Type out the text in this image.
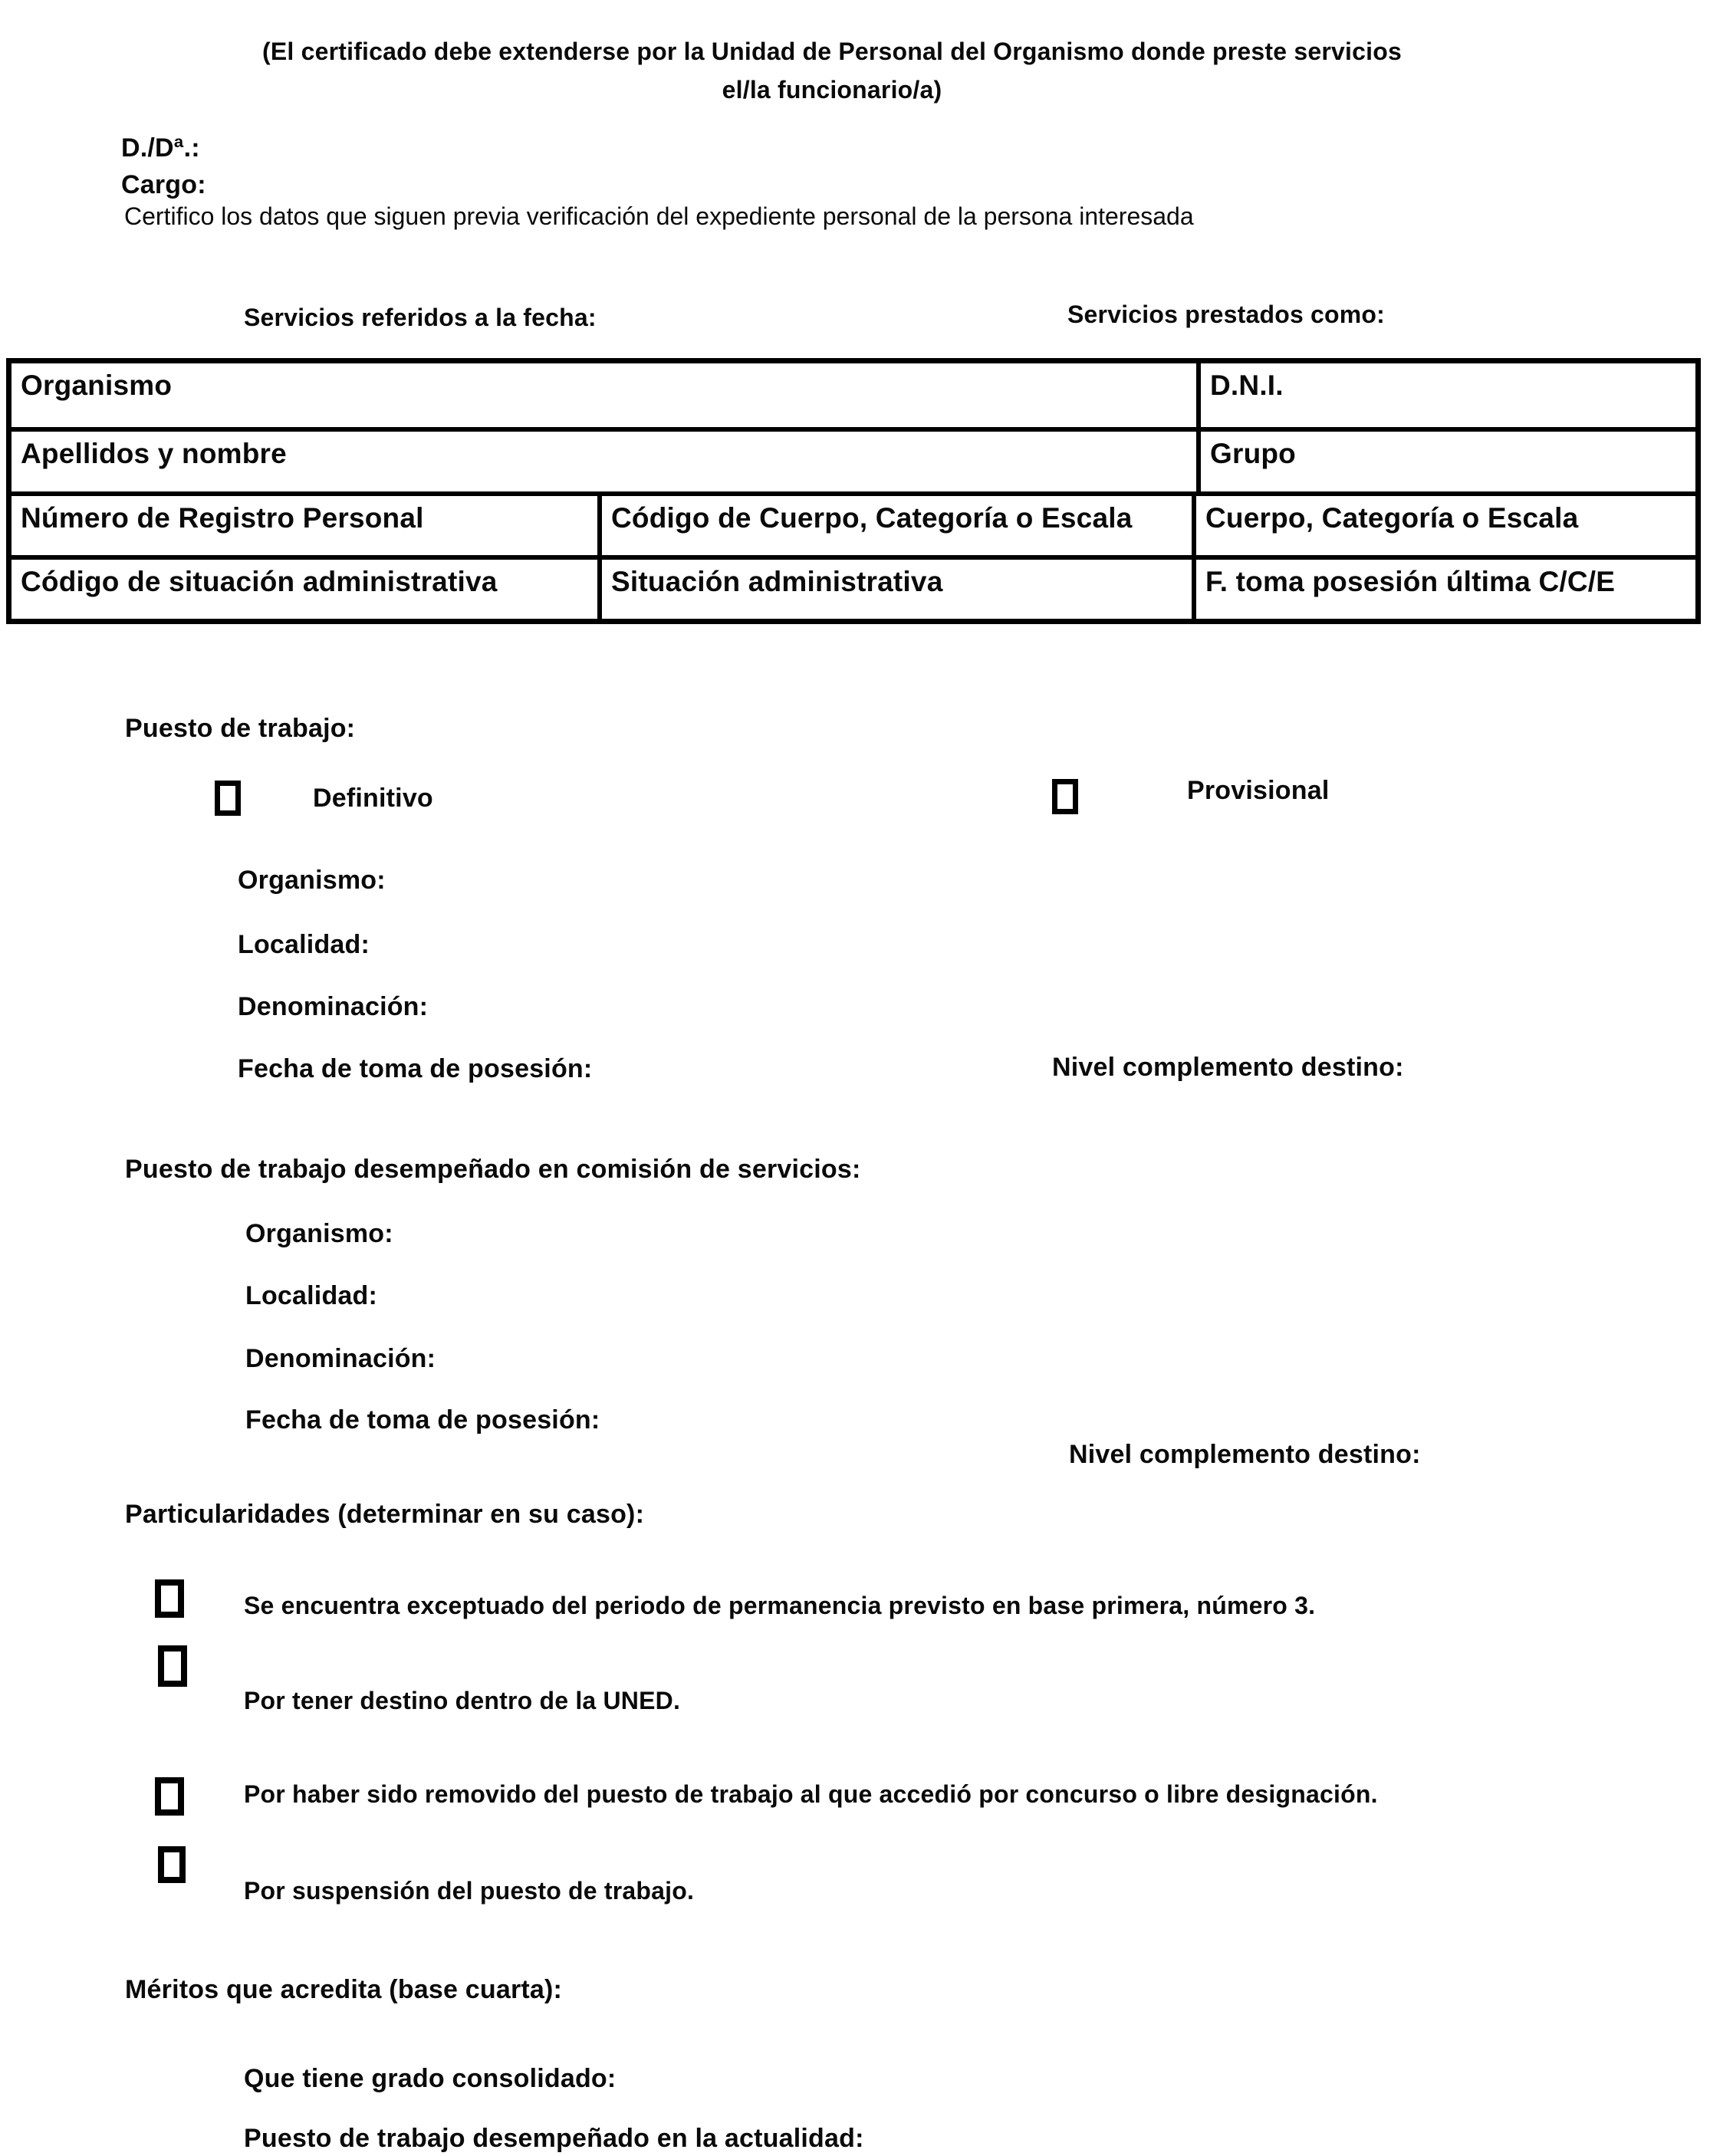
(El certificado debe extenderse por la Unidad de Personal del Organismo donde preste servicios
el/la funcionario/a)
D./Dª.:
Cargo:
Certifico los datos que siguen previa verificación del expediente personal de la persona interesada
Servicios referidos a la fecha:	Servicios prestados como:
Organismo	D.N.I.
Apellidos y nombre	Grupo
Número de Registro Personal	Código de Cuerpo, Categoría o Escala	Cuerpo, Categoría o Escala
Código de situación administrativa	Situación administrativa	F. toma posesión última C/C/E
Puesto de trabajo:
Definitivo	Provisional
Organismo:
Localidad:
Denominación:
Fecha de toma de posesión:	Nivel complemento destino:
Puesto de trabajo desempeñado en comisión de servicios:
Organismo:
Localidad:
Denominación:
Fecha de toma de posesión:
Nivel complemento destino:
Particularidades (determinar en su caso):
Se encuentra exceptuado del periodo de permanencia previsto en base primera, número 3.
Por tener destino dentro de la UNED.
Por haber sido removido del puesto de trabajo al que accedió por concurso o libre designación.
Por suspensión del puesto de trabajo.
Méritos que acredita (base cuarta):
Que tiene grado consolidado:
Puesto de trabajo desempeñado en la actualidad:
